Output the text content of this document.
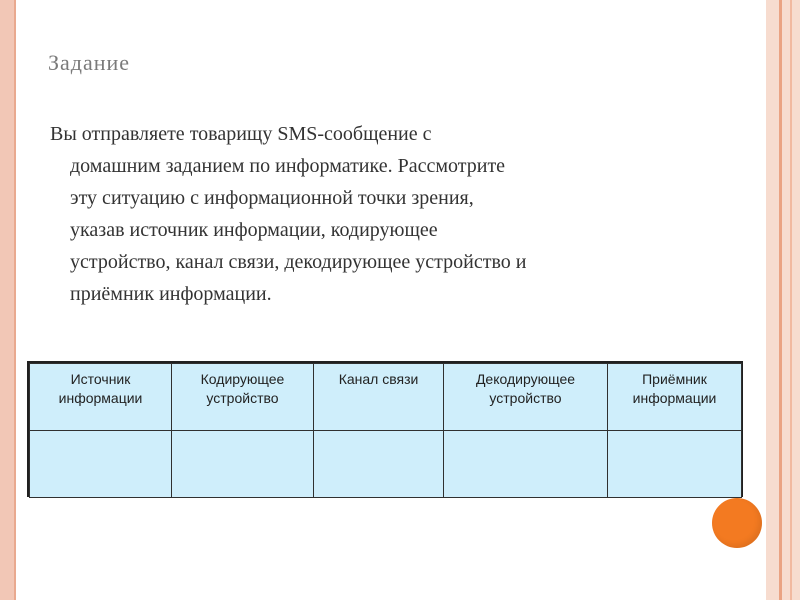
Задание

Вы отправляете товарищу SMS-сообщение с
домашним заданием по информатике. Рассмотрите
эту ситуацию с информационной точки зрения,
указав источник информации, кодирующее
устройство, канал связи, декодирующее устройство и
приёмник информации.

Источник информации	Кодирующее устройство	Канал связи	Декодирующее устройство	Приёмник информации
